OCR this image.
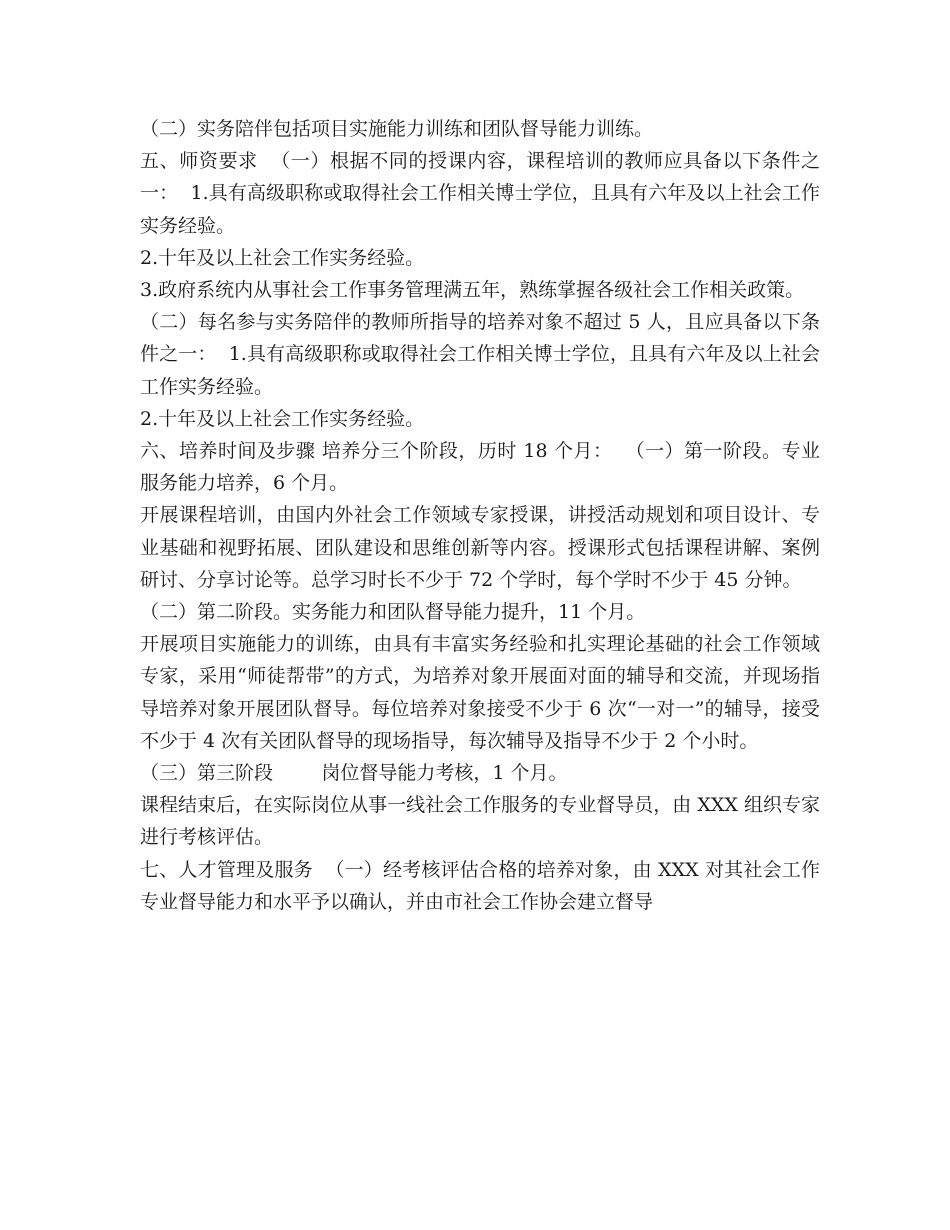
（二）实务陪伴包括项目实施能力训练和团队督导能力训练。

五、师资要求  （一）根据不同的授课内容，课程培训的教师应具备以下条件之一：  1.具有高级职称或取得社会工作相关博士学位，且具有六年及以上社会工作实务经验。

2.十年及以上社会工作实务经验。

3.政府系统内从事社会工作事务管理满五年，熟练掌握各级社会工作相关政策。

（二）每名参与实务陪伴的教师所指导的培养对象不超过 5 人，且应具备以下条件之一：  1.具有高级职称或取得社会工作相关博士学位，且具有六年及以上社会工作实务经验。

2.十年及以上社会工作实务经验。

六、培养时间及步骤 培养分三个阶段，历时 18 个月：  （一）第一阶段。专业服务能力培养，6 个月。

开展课程培训，由国内外社会工作领域专家授课，讲授活动规划和项目设计、专业基础和视野拓展、团队建设和思维创新等内容。授课形式包括课程讲解、案例研讨、分享讨论等。总学习时长不少于 72 个学时，每个学时不少于 45 分钟。

（二）第二阶段。实务能力和团队督导能力提升，11 个月。

开展项目实施能力的训练，由具有丰富实务经验和扎实理论基础的社会工作领域专家，采用“师徒帮带”的方式，为培养对象开展面对面的辅导和交流，并现场指导培养对象开展团队督导。每位培养对象接受不少于 6 次“一对一”的辅导，接受不少于 4 次有关团队督导的现场指导，每次辅导及指导不少于 2 个小时。

（三）第三阶段        岗位督导能力考核，1 个月。

课程结束后，在实际岗位从事一线社会工作服务的专业督导员，由 XXX 组织专家进行考核评估。

七、人才管理及服务  （一）经考核评估合格的培养对象，由 XXX 对其社会工作专业督导能力和水平予以确认，并由市社会工作协会建立督导
